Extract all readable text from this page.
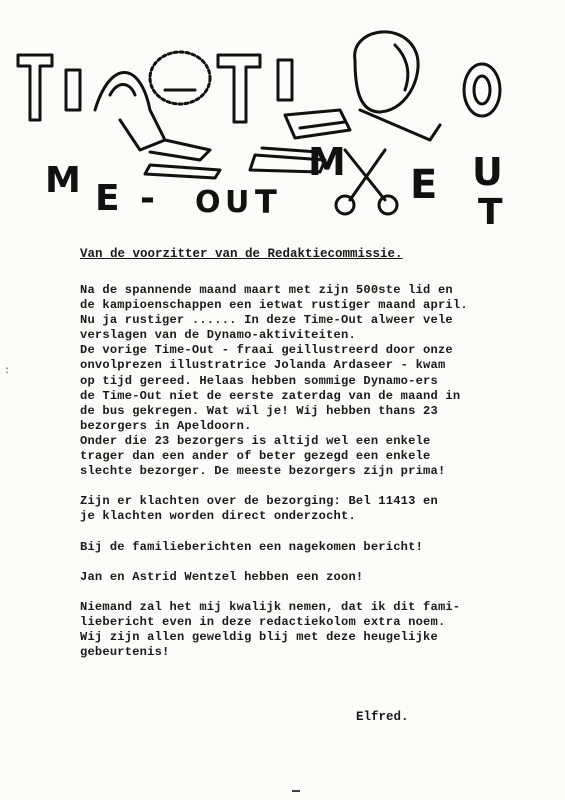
M E - O U T
M E U
T
:
Van de voorzitter van de Redaktiecommissie.
Na de spannende maand maart met zijn 500ste lid en
de kampioenschappen een ietwat rustiger maand april.
Nu ja rustiger ...... In deze Time-Out alweer vele
verslagen van de Dynamo-aktiviteiten.
De vorige Time-Out - fraai geillustreerd door onze
onvolprezen illustratrice Jolanda Ardaseer - kwam
op tijd gereed. Helaas hebben sommige Dynamo-ers
de Time-Out niet de eerste zaterdag van de maand in
de bus gekregen. Wat wil je! Wij hebben thans 23
bezorgers in Apeldoorn.
Onder die 23 bezorgers is altijd wel een enkele
trager dan een ander of beter gezegd een enkele
slechte bezorger. De meeste bezorgers zijn prima!
Zijn er klachten over de bezorging: Bel 11413 en
je klachten worden direct onderzocht.
Bij de familieberichten een nagekomen bericht!
Jan en Astrid Wentzel hebben een zoon!
Niemand zal het mij kwalijk nemen, dat ik dit fami-
liebericht even in deze redactiekolom extra noem.
Wij zijn allen geweldig blij met deze heugelijke
gebeurtenis!
Elfred.
